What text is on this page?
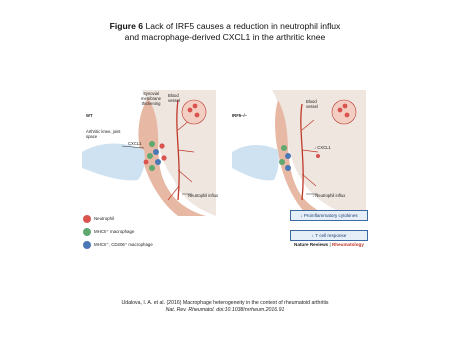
Figure 6 Lack of IRF5 causes a reduction in neutrophil influx
and macrophage-derived CXCL1 in the arthritic knee
WT
Synovial membrane thickening
Blood vessel
Arthritic knee, joint space
CXCL1
Neutrophil influx
IRF5−/−
Blood vessel
↓ CXCL1
↓ Neutrophil influx
Neutrophil
MHCII⁺ macrophage
MHCII⁺, CD206⁺ macrophage
↓ Proinflammatory cytokines
↓ T cell response
Nature Reviews | Rheumatology
Udalova, I. A. et al. (2016) Macrophage heterogeneity in the context of rheumatoid arthritis
Nat. Rev. Rheumatol. doi:10.1038/nrrheum.2016.91
